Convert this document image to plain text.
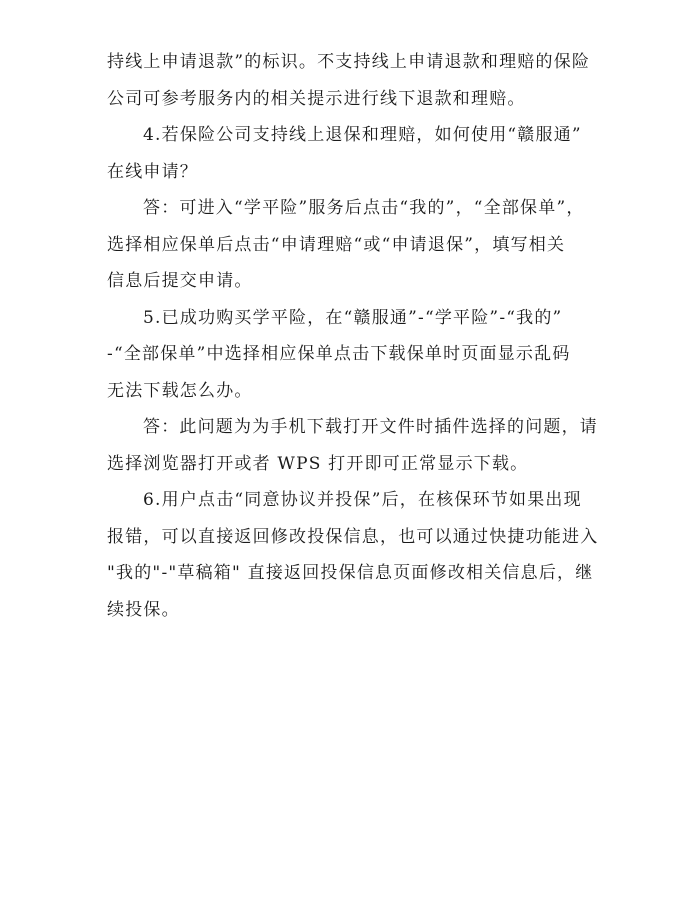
持线上申请退款”的标识。不支持线上申请退款和理赔的保险
公司可参考服务内的相关提示进行线下退款和理赔。

4.若保险公司支持线上退保和理赔，如何使用“赣服通”
在线申请？

答：可进入“学平险”服务后点击“我的”，“全部保单”，
选择相应保单后点击“申请理赔“或“申请退保”，填写相关
信息后提交申请。

5.已成功购买学平险，在“赣服通”-“学平险”-“我的”
-“全部保单”中选择相应保单点击下载保单时页面显示乱码
无法下载怎么办。

答：此问题为为手机下载打开文件时插件选择的问题，请
选择浏览器打开或者 WPS 打开即可正常显示下载。

6.用户点击“同意协议并投保”后，在核保环节如果出现
报错，可以直接返回修改投保信息，也可以通过快捷功能进入
"我的"-"草稿箱" 直接返回投保信息页面修改相关信息后，继
续投保。
